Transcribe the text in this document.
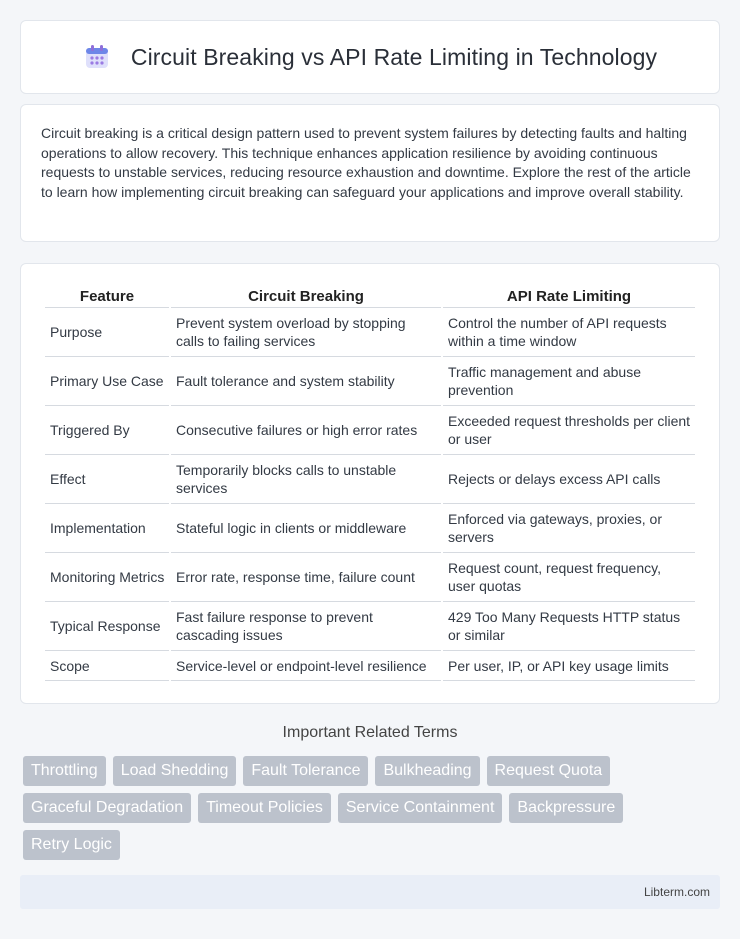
Circuit Breaking vs API Rate Limiting in Technology

Circuit breaking is a critical design pattern used to prevent system failures by detecting faults and halting operations to allow recovery. This technique enhances application resilience by avoiding continuous requests to unstable services, reducing resource exhaustion and downtime. Explore the rest of the article to learn how implementing circuit breaking can safeguard your applications and improve overall stability.

Feature	Circuit Breaking	API Rate Limiting
Purpose	Prevent system overload by stopping calls to failing services	Control the number of API requests within a time window
Primary Use Case	Fault tolerance and system stability	Traffic management and abuse prevention
Triggered By	Consecutive failures or high error rates	Exceeded request thresholds per client or user
Effect	Temporarily blocks calls to unstable services	Rejects or delays excess API calls
Implementation	Stateful logic in clients or middleware	Enforced via gateways, proxies, or servers
Monitoring Metrics	Error rate, response time, failure count	Request count, request frequency, user quotas
Typical Response	Fast failure response to prevent cascading issues	429 Too Many Requests HTTP status or similar
Scope	Service-level or endpoint-level resilience	Per user, IP, or API key usage limits
Important Related Terms
Throttling	Load Shedding	Fault Tolerance	Bulkheading	Request Quota
Graceful Degradation	Timeout Policies	Service Containment	Backpressure
Retry Logic
Libterm.com
